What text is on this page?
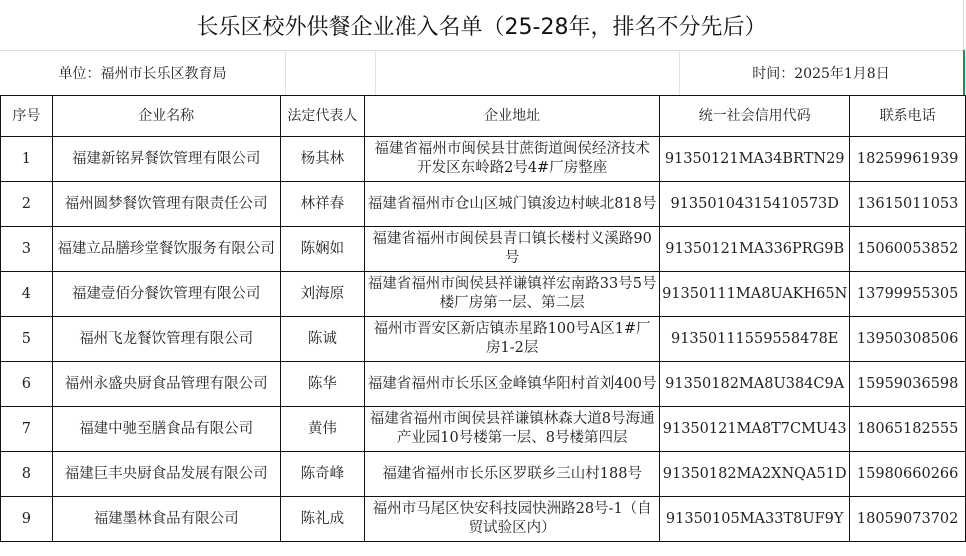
长乐区校外供餐企业准入名单（25-28年，排名不分先后）
单位：福州市长乐区教育局	时间：2025年1月8日
序号	企业名称	法定代表人	企业地址	统一社会信用代码	联系电话
1	福建新铭昇餐饮管理有限公司	杨其林	福建省福州市闽侯县甘蔗街道闽侯经济技术开发区东岭路2号4#厂房整座	91350121MA34BRTN29	18259961939
2	福州圆梦餐饮管理有限责任公司	林祥春	福建省福州市仓山区城门镇浚边村峡北818号	91350104315410573D	13615011053
3	福建立品膳珍堂餐饮服务有限公司	陈娴如	福建省福州市闽侯县青口镇长楼村义溪路90号	91350121MA336PRG9B	15060053852
4	福建壹佰分餐饮管理有限公司	刘海原	福建省福州市闽侯县祥谦镇祥宏南路33号5号楼厂房第一层、第二层	91350111MA8UAKH65N	13799955305
5	福州飞龙餐饮管理有限公司	陈诚	福州市晋安区新店镇赤星路100号A区1#厂房1-2层	91350111559558478E	13950308506
6	福州永盛央厨食品管理有限公司	陈华	福建省福州市长乐区金峰镇华阳村首刘400号	91350182MA8U384C9A	15959036598
7	福建中驰至膳食品有限公司	黄伟	福建省福州市闽侯县祥谦镇林森大道8号海通产业园10号楼第一层、8号楼第四层	91350121MA8T7CMU43	18065182555
8	福建巨丰央厨食品发展有限公司	陈奇峰	福建省福州市长乐区罗联乡三山村188号	91350182MA2XNQA51D	15980660266
9	福建墨林食品有限公司	陈礼成	福州市马尾区快安科技园快洲路28号-1（自贸试验区内）	91350105MA33T8UF9Y	18059073702
